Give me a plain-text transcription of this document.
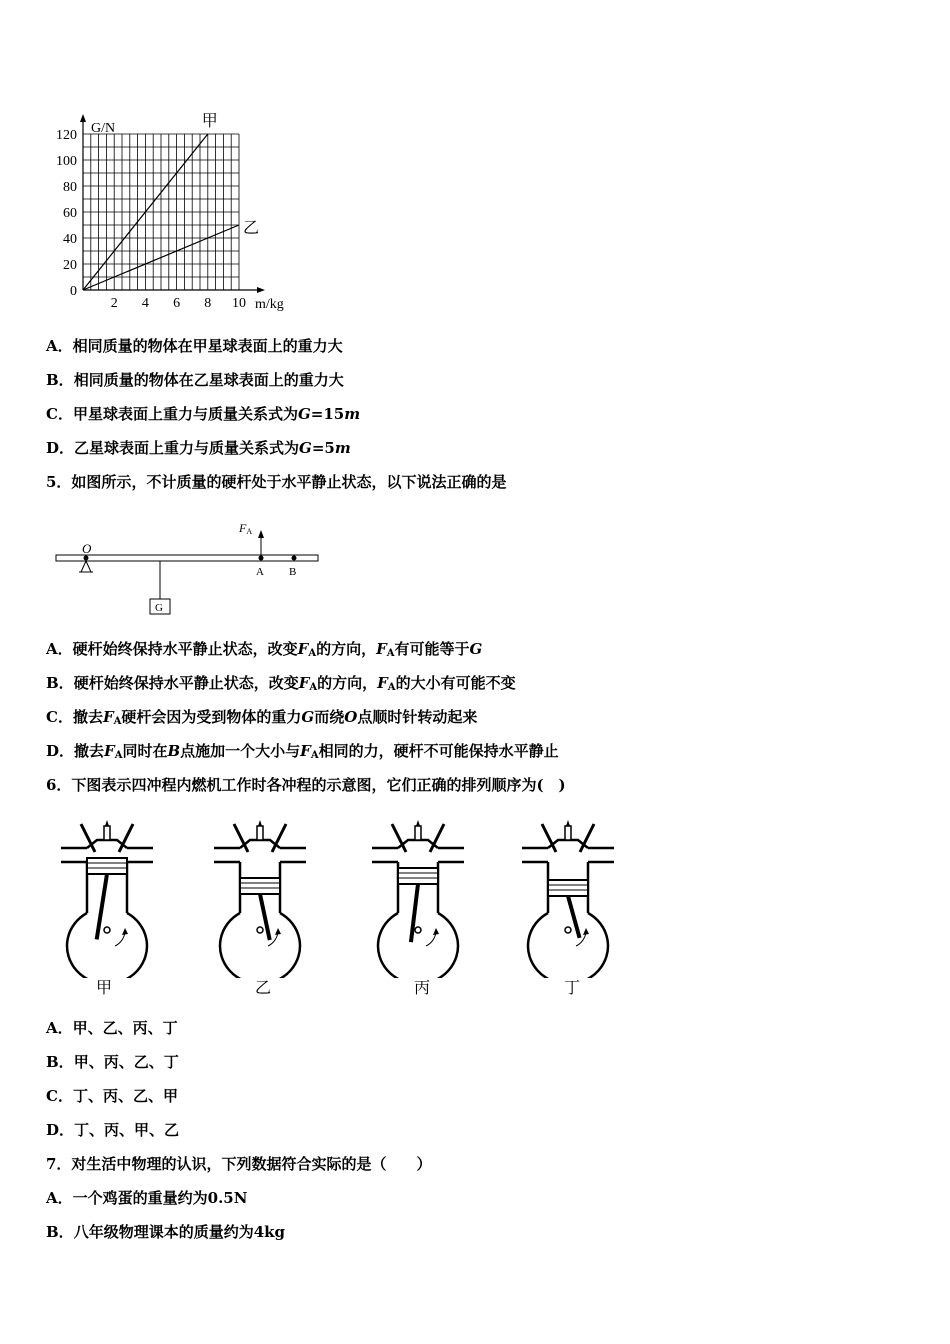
0
20
40
60
80
100
120
2 4 6 8 10
G/N
m/kg
甲
乙
A．相同质量的物体在甲星球表面上的重力大
B．相同质量的物体在乙星球表面上的重力大
C．甲星球表面上重力与质量关系式为G=15m
D．乙星球表面上重力与质量关系式为G=5m
5．如图所示，不计质量的硬杆处于水平静止状态，以下说法正确的是
O
G
FA
A B
A．硬杆始终保持水平静止状态，改变$F_A$的方向，$F_A$有可能等于G
B．硬杆始终保持水平静止状态，改变$F_A$的方向，$F_A$的大小有可能不变
C．撤去$F_A$硬杆会因为受到物体的重力G而绕O点顺时针转动起来
D．撤去$F_A$同时在B点施加一个大小与$F_A$相同的力，硬杆不可能保持水平静止
6．下图表示四冲程内燃机工作时各冲程的示意图，它们正确的排列顺序为(　)
甲	乙	丙	丁
A．甲、乙、丙、丁
B．甲、丙、乙、丁
C．丁、丙、乙、甲
D．丁、丙、甲、乙
7．对生活中物理的认识，下列数据符合实际的是（　　）
A．一个鸡蛋的重量约为0.5N
B．八年级物理课本的质量约为4kg
